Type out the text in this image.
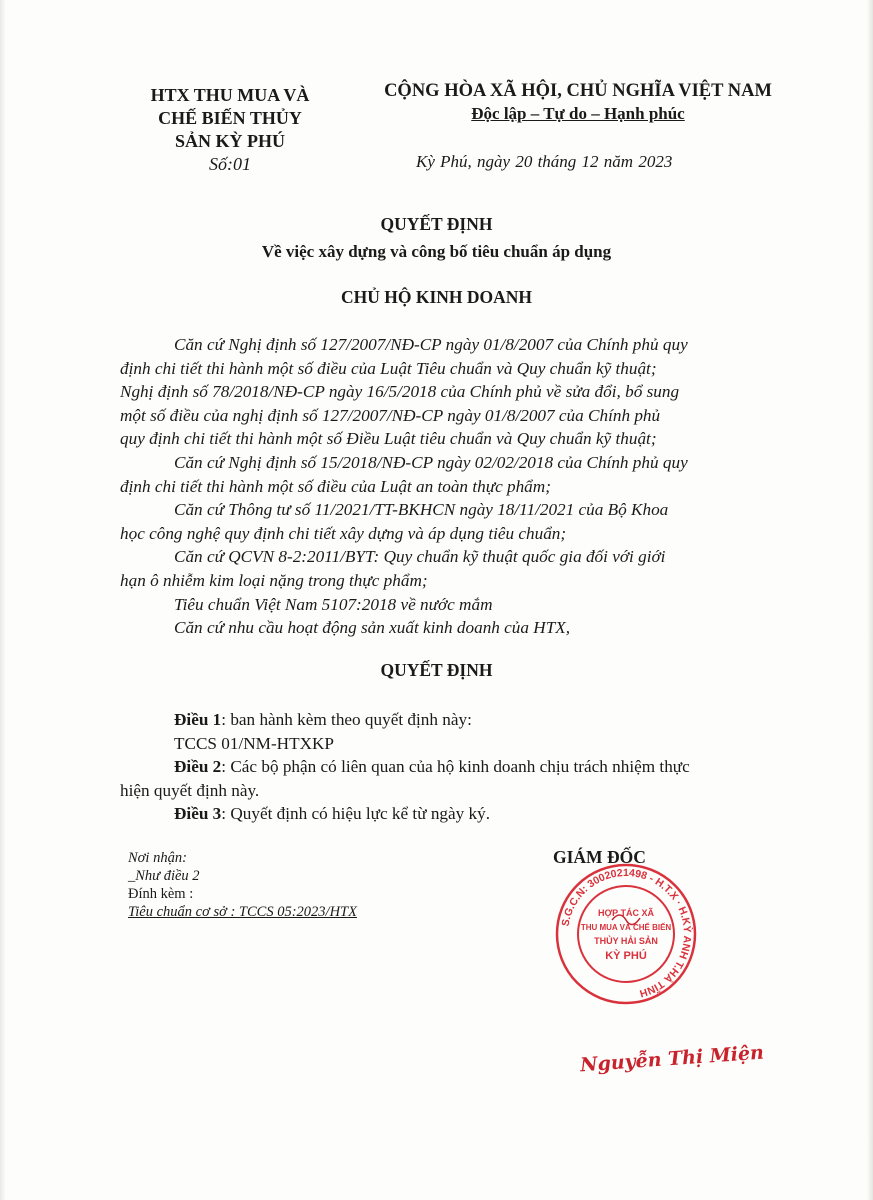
HTX THU MUA VÀ
CHẾ BIẾN THỦY
SẢN KỲ PHÚ
Số:01
CỘNG HÒA XÃ HỘI, CHỦ NGHĨA VIỆT NAM
Độc lập – Tự do – Hạnh phúc
Kỳ Phú, ngày 20 tháng 12 năm 2023
QUYẾT ĐỊNH
Về việc xây dựng và công bố tiêu chuẩn áp dụng
CHỦ HỘ KINH DOANH
Căn cứ Nghị định số 127/2007/NĐ-CP ngày 01/8/2007 của Chính phủ quy
định chi tiết thi hành một số điều của Luật Tiêu chuẩn và Quy chuẩn kỹ thuật;
Nghị định số 78/2018/NĐ-CP ngày 16/5/2018 của Chính phủ về sửa đổi, bổ sung
một số điều của nghị định số 127/2007/NĐ-CP ngày 01/8/2007 của Chính phủ
quy định chi tiết thi hành một số Điều Luật tiêu chuẩn và Quy chuẩn kỹ thuật;
Căn cứ Nghị định số 15/2018/NĐ-CP ngày 02/02/2018 của Chính phủ quy
định chi tiết thi hành một số điều của Luật an toàn thực phẩm;
Căn cứ Thông tư số 11/2021/TT-BKHCN ngày 18/11/2021 của Bộ Khoa
học công nghệ quy định chi tiết xây dựng và áp dụng tiêu chuẩn;
Căn cứ QCVN 8-2:2011/BYT: Quy chuẩn kỹ thuật quốc gia đối với giới
hạn ô nhiễm kim loại nặng trong thực phẩm;
Tiêu chuẩn Việt Nam 5107:2018 về nước mắm
Căn cứ nhu cầu hoạt động sản xuất kinh doanh của HTX,
QUYẾT ĐỊNH
Điều 1: ban hành kèm theo quyết định này:
TCCS 01/NM-HTXKP
Điều 2: Các bộ phận có liên quan của hộ kinh doanh chịu trách nhiệm thực
hiện quyết định này.
Điều 3: Quyết định có hiệu lực kể từ ngày ký.
Nơi nhận:
_Như điều 2
Đính kèm :
Tiêu chuẩn cơ sở : TCCS 05:2023/HTX
GIÁM ĐỐC
S.G.C.N: 3002021498 - H.T.X · H.KỲ ANH T.HÀ TĨNH
HỢP TÁC XÃ
THU MUA VÀ CHẾ BIẾN
THỦY HẢI SẢN
KỲ PHÚ
Nguyễn Thị Miện
